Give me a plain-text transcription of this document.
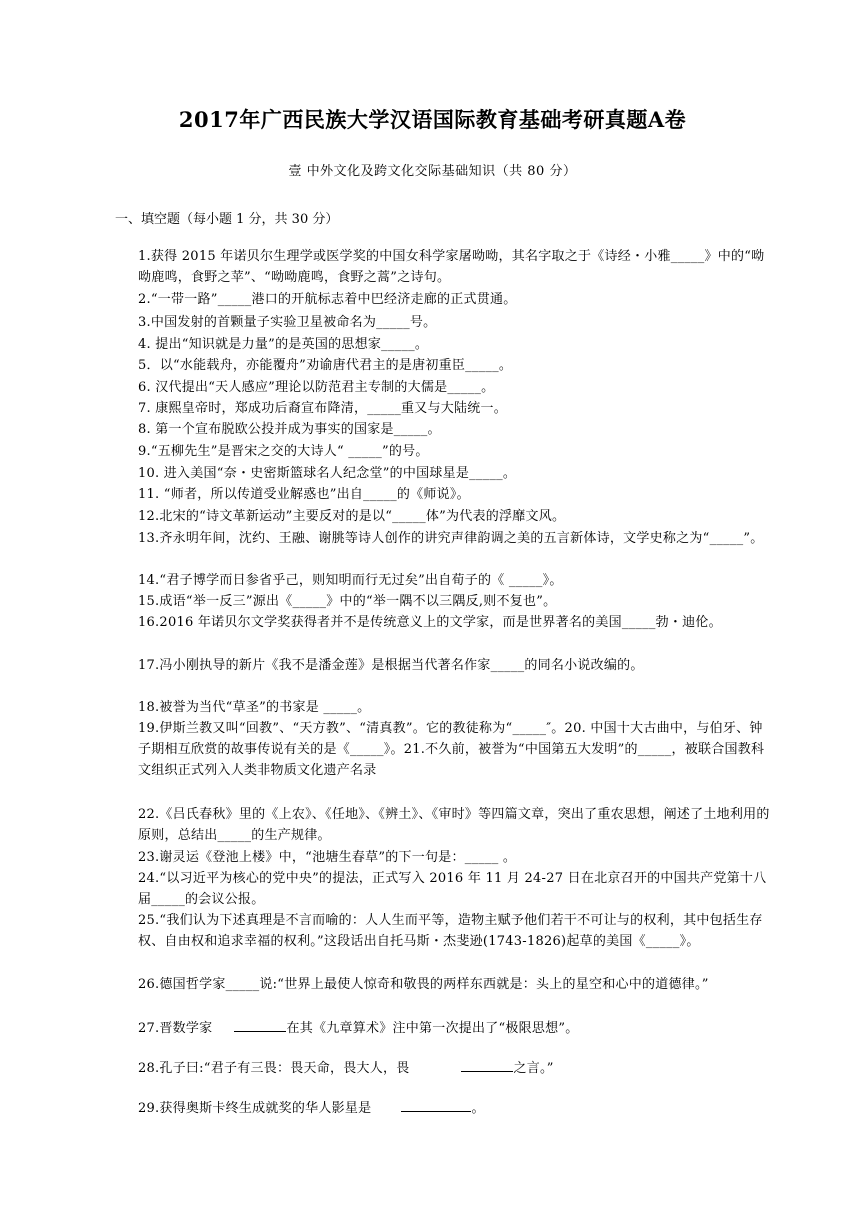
2017年广西民族大学汉语国际教育基础考研真题A卷
壹 中外文化及跨文化交际基础知识（共 80 分）
一、填空题（每小题 1 分，共 30 分）
1.获得 2015 年诺贝尔生理学或医学奖的中国女科学家屠呦呦，其名字取之于《诗经・小雅_____》中的“呦呦鹿鸣，食野之苹”、“呦呦鹿鸣，食野之蒿”之诗句。
2.“一带一路”_____港口的开航标志着中巴经济走廊的正式贯通。
3.中国发射的首颗量子实验卫星被命名为_____号。
4. 提出“知识就是力量”的是英国的思想家_____。
5．以“水能载舟，亦能覆舟”劝谕唐代君主的是唐初重臣_____。
6. 汉代提出“天人感应”理论以防范君主专制的大儒是_____。
7. 康熙皇帝时，郑成功后裔宣布降清，_____重又与大陆统一。
8. 第一个宣布脱欧公投并成为事实的国家是_____。
9.“五柳先生”是晋宋之交的大诗人“ _____”的号。
10. 进入美国“奈・史密斯篮球名人纪念堂”的中国球星是_____。
11. “师者，所以传道受业解惑也”出自_____的《师说》。
12.北宋的“诗文革新运动”主要反对的是以“_____体”为代表的浮靡文风。
13.齐永明年间，沈约、王融、谢朓等诗人创作的讲究声律韵调之美的五言新体诗，文学史称之为“_____”。
14.“君子博学而日参省乎己，则知明而行无过矣”出自荀子的《 _____》。
15.成语“举一反三”源出《_____》中的“举一隅不以三隅反,则不复也”。
16.2016 年诺贝尔文学奖获得者并不是传统意义上的文学家，而是世界著名的美国_____勃・迪伦。
17.冯小刚执导的新片《我不是潘金莲》是根据当代著名作家_____的同名小说改编的。
18.被誉为当代“草圣”的书家是 _____。
19.伊斯兰教又叫“回教”、“天方教”、“清真教”。它的教徒称为“_____″。20. 中国十大古曲中，与伯牙、钟子期相互欣赏的故事传说有关的是《_____》。21.不久前，被誉为“中国第五大发明”的_____，被联合国教科文组织正式列入人类非物质文化遗产名录
22.《吕氏春秋》里的《上农》、《任地》、《辨土》、《审时》等四篇文章，突出了重农思想，阐述了土地利用的原则，总结出_____的生产规律。
23.谢灵运《登池上楼》中，“池塘生春草”的下一句是：_____ 。
24.“以习近平为核心的党中央”的提法，正式写入 2016 年 11 月 24-27 日在北京召开的中国共产党第十八届_____的会议公报。
25.“我们认为下述真理是不言而喻的：人人生而平等，造物主赋予他们若干不可让与的权利，其中包括生存权、自由权和追求幸福的权利。”这段话出自托马斯・杰斐逊(1743-1826)起草的美国《_____》。
26.德国哲学家_____说:“世界上最使人惊奇和敬畏的两样东西就是：头上的星空和心中的道德律。”
27.晋数学家	在其《九章算术》注中第一次提出了“极限思想”。
28.孔子曰:“君子有三畏：畏天命，畏大人，畏	之言。”
29.获得奥斯卡终生成就奖的华人影星是	。
